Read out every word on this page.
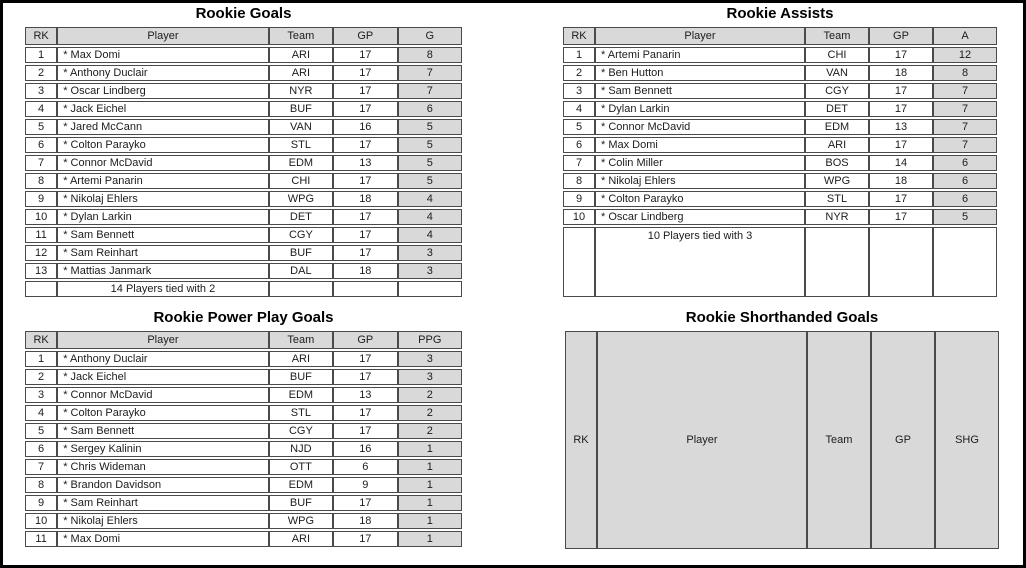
Rookie Goals
RK	Player	Team	GP	G
1	* Max Domi	ARI	17	8
2	* Anthony Duclair	ARI	17	7
3	* Oscar Lindberg	NYR	17	7
4	* Jack Eichel	BUF	17	6
5	* Jared McCann	VAN	16	5
6	* Colton Parayko	STL	17	5
7	* Connor McDavid	EDM	13	5
8	* Artemi Panarin	CHI	17	5
9	* Nikolaj Ehlers	WPG	18	4
10	* Dylan Larkin	DET	17	4
11	* Sam Bennett	CGY	17	4
12	* Sam Reinhart	BUF	17	3
13	* Mattias Janmark	DAL	18	3
	14 Players tied with 2			
Rookie Assists
RK	Player	Team	GP	A
1	* Artemi Panarin	CHI	17	12
2	* Ben Hutton	VAN	18	8
3	* Sam Bennett	CGY	17	7
4	* Dylan Larkin	DET	17	7
5	* Connor McDavid	EDM	13	7
6	* Max Domi	ARI	17	7
7	* Colin Miller	BOS	14	6
8	* Nikolaj Ehlers	WPG	18	6
9	* Colton Parayko	STL	17	6
10	* Oscar Lindberg	NYR	17	5
	10 Players tied with 3			
Rookie Power Play Goals
RK	Player	Team	GP	PPG
1	* Anthony Duclair	ARI	17	3
2	* Jack Eichel	BUF	17	3
3	* Connor McDavid	EDM	13	2
4	* Colton Parayko	STL	17	2
5	* Sam Bennett	CGY	17	2
6	* Sergey Kalinin	NJD	16	1
7	* Chris Wideman	OTT	6	1
8	* Brandon Davidson	EDM	9	1
9	* Sam Reinhart	BUF	17	1
10	* Nikolaj Ehlers	WPG	18	1
11	* Max Domi	ARI	17	1
Rookie Shorthanded Goals
RK	Player	Team	GP	SHG
